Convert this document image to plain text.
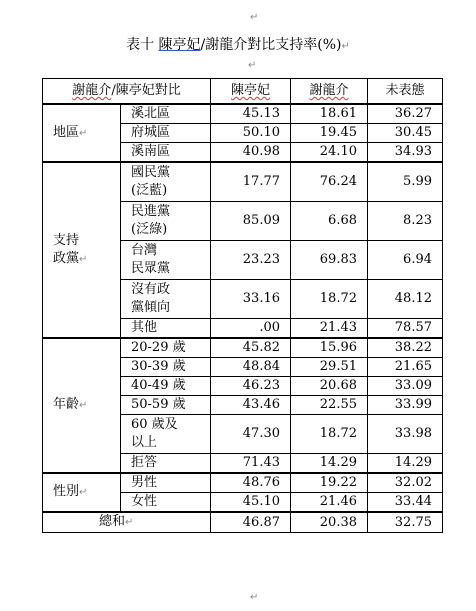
↵
表十 陳亭妃/謝龍介對比支持率(%)↵
↵
謝龍介/陳亭妃對比		陳亭妃	謝龍介	未表態
地區↵	溪北區	45.13	18.61	36.27
	府城區	50.10	19.45	30.45
	溪南區	40.98	24.10	34.93
支持
政黨↵	國民黨
(泛藍)	17.77	76.24	5.99
	民進黨
(泛綠)	85.09	6.68	8.23
	台灣
民眾黨	23.23	69.83	6.94
	沒有政
黨傾向	33.16	18.72	48.12
	其他	.00	21.43	78.57
年齡↵	20-29 歲	45.82	15.96	38.22
	30-39 歲	48.84	29.51	21.65
	40-49 歲	46.23	20.68	33.09
	50-59 歲	43.46	22.55	33.99
	60 歲及
以上	47.30	18.72	33.98
	拒答	71.43	14.29	14.29
性別↵	男性	48.76	19.22	32.02
	女性	45.10	21.46	33.44
總和↵		46.87	20.38	32.75
↵
